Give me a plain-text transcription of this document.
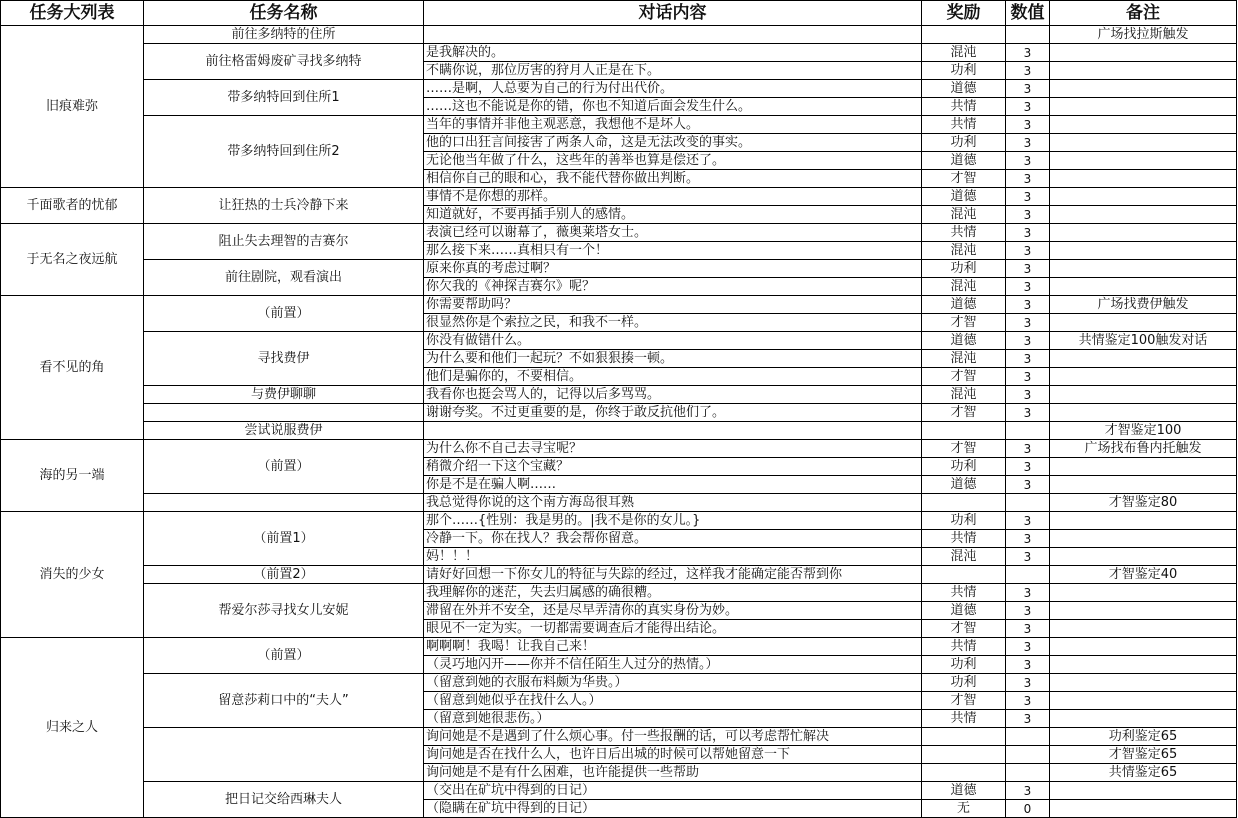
任务大列表	任务名称	对话内容	奖励	数值	备注
旧痕难弥	前往多纳特的住所				广场找拉斯触发
	前往格雷姆废矿寻找多纳特	是我解决的。	混沌	3	
		不瞒你说，那位厉害的狩月人正是在下。	功利	3	
	带多纳特回到住所1	……是啊，人总要为自己的行为付出代价。	道德	3	
		……这也不能说是你的错，你也不知道后面会发生什么。	共情	3	
	带多纳特回到住所2	当年的事情并非他主观恶意，我想他不是坏人。	共情	3	
		他的口出狂言间接害了两条人命，这是无法改变的事实。	功利	3	
		无论他当年做了什么，这些年的善举也算是偿还了。	道德	3	
		相信你自己的眼和心，我不能代替你做出判断。	才智	3	
千面歌者的忧郁	让狂热的士兵冷静下来	事情不是你想的那样。	道德	3	
		知道就好，不要再插手别人的感情。	混沌	3	
于无名之夜远航	阻止失去理智的吉赛尔	表演已经可以谢幕了，薇奥莱塔女士。	共情	3	
		那么接下来……真相只有一个！	混沌	3	
	前往剧院，观看演出	原来你真的考虑过啊？	功利	3	
		你欠我的《神探吉赛尔》呢？	混沌	3	
看不见的角	（前置）	你需要帮助吗？	道德	3	广场找费伊触发
		很显然你是个索拉之民，和我不一样。	才智	3	
	寻找费伊	你没有做错什么。	道德	3	共情鉴定100触发对话
		为什么要和他们一起玩？不如狠狠揍一顿。	混沌	3	
		他们是骗你的，不要相信。	才智	3	
	与费伊聊聊	我看你也挺会骂人的，记得以后多骂骂。	混沌	3	
		谢谢夸奖。不过更重要的是，你终于敢反抗他们了。	才智	3	
	尝试说服费伊				才智鉴定100
海的另一端	（前置）	为什么你不自己去寻宝呢？	才智	3	广场找布鲁内托触发
		稍微介绍一下这个宝藏？	功利	3	
		你是不是在骗人啊……	道德	3	
		我总觉得你说的这个南方海岛很耳熟			才智鉴定80
消失的少女	（前置1）	那个……{性别：我是男的。|我不是你的女儿。}	功利	3	
		冷静一下。你在找人？我会帮你留意。	共情	3	
		妈！！！	混沌	3	
	（前置2）	请好好回想一下你女儿的特征与失踪的经过，这样我才能确定能否帮到你			才智鉴定40
	帮爱尔莎寻找女儿安妮	我理解你的迷茫，失去归属感的确很糟。	共情	3	
		滞留在外并不安全，还是尽早弄清你的真实身份为妙。	道德	3	
		眼见不一定为实。一切都需要调查后才能得出结论。	才智	3	
归来之人	（前置）	啊啊啊！我喝！让我自己来！	共情	3	
		（灵巧地闪开——你并不信任陌生人过分的热情。）	功利	3	
	留意莎莉口中的“夫人”	（留意到她的衣服布料颇为华贵。）	功利	3	
		（留意到她似乎在找什么人。）	才智	3	
		（留意到她很悲伤。）	共情	3	
		询问她是不是遇到了什么烦心事。付一些报酬的话，可以考虑帮忙解决			功利鉴定65
		询问她是否在找什么人，也许日后出城的时候可以帮她留意一下			才智鉴定65
		询问她是不是有什么困难，也许能提供一些帮助			共情鉴定65
	把日记交给西琳夫人	（交出在矿坑中得到的日记）	道德	3	
		（隐瞒在矿坑中得到的日记）	无	0	
